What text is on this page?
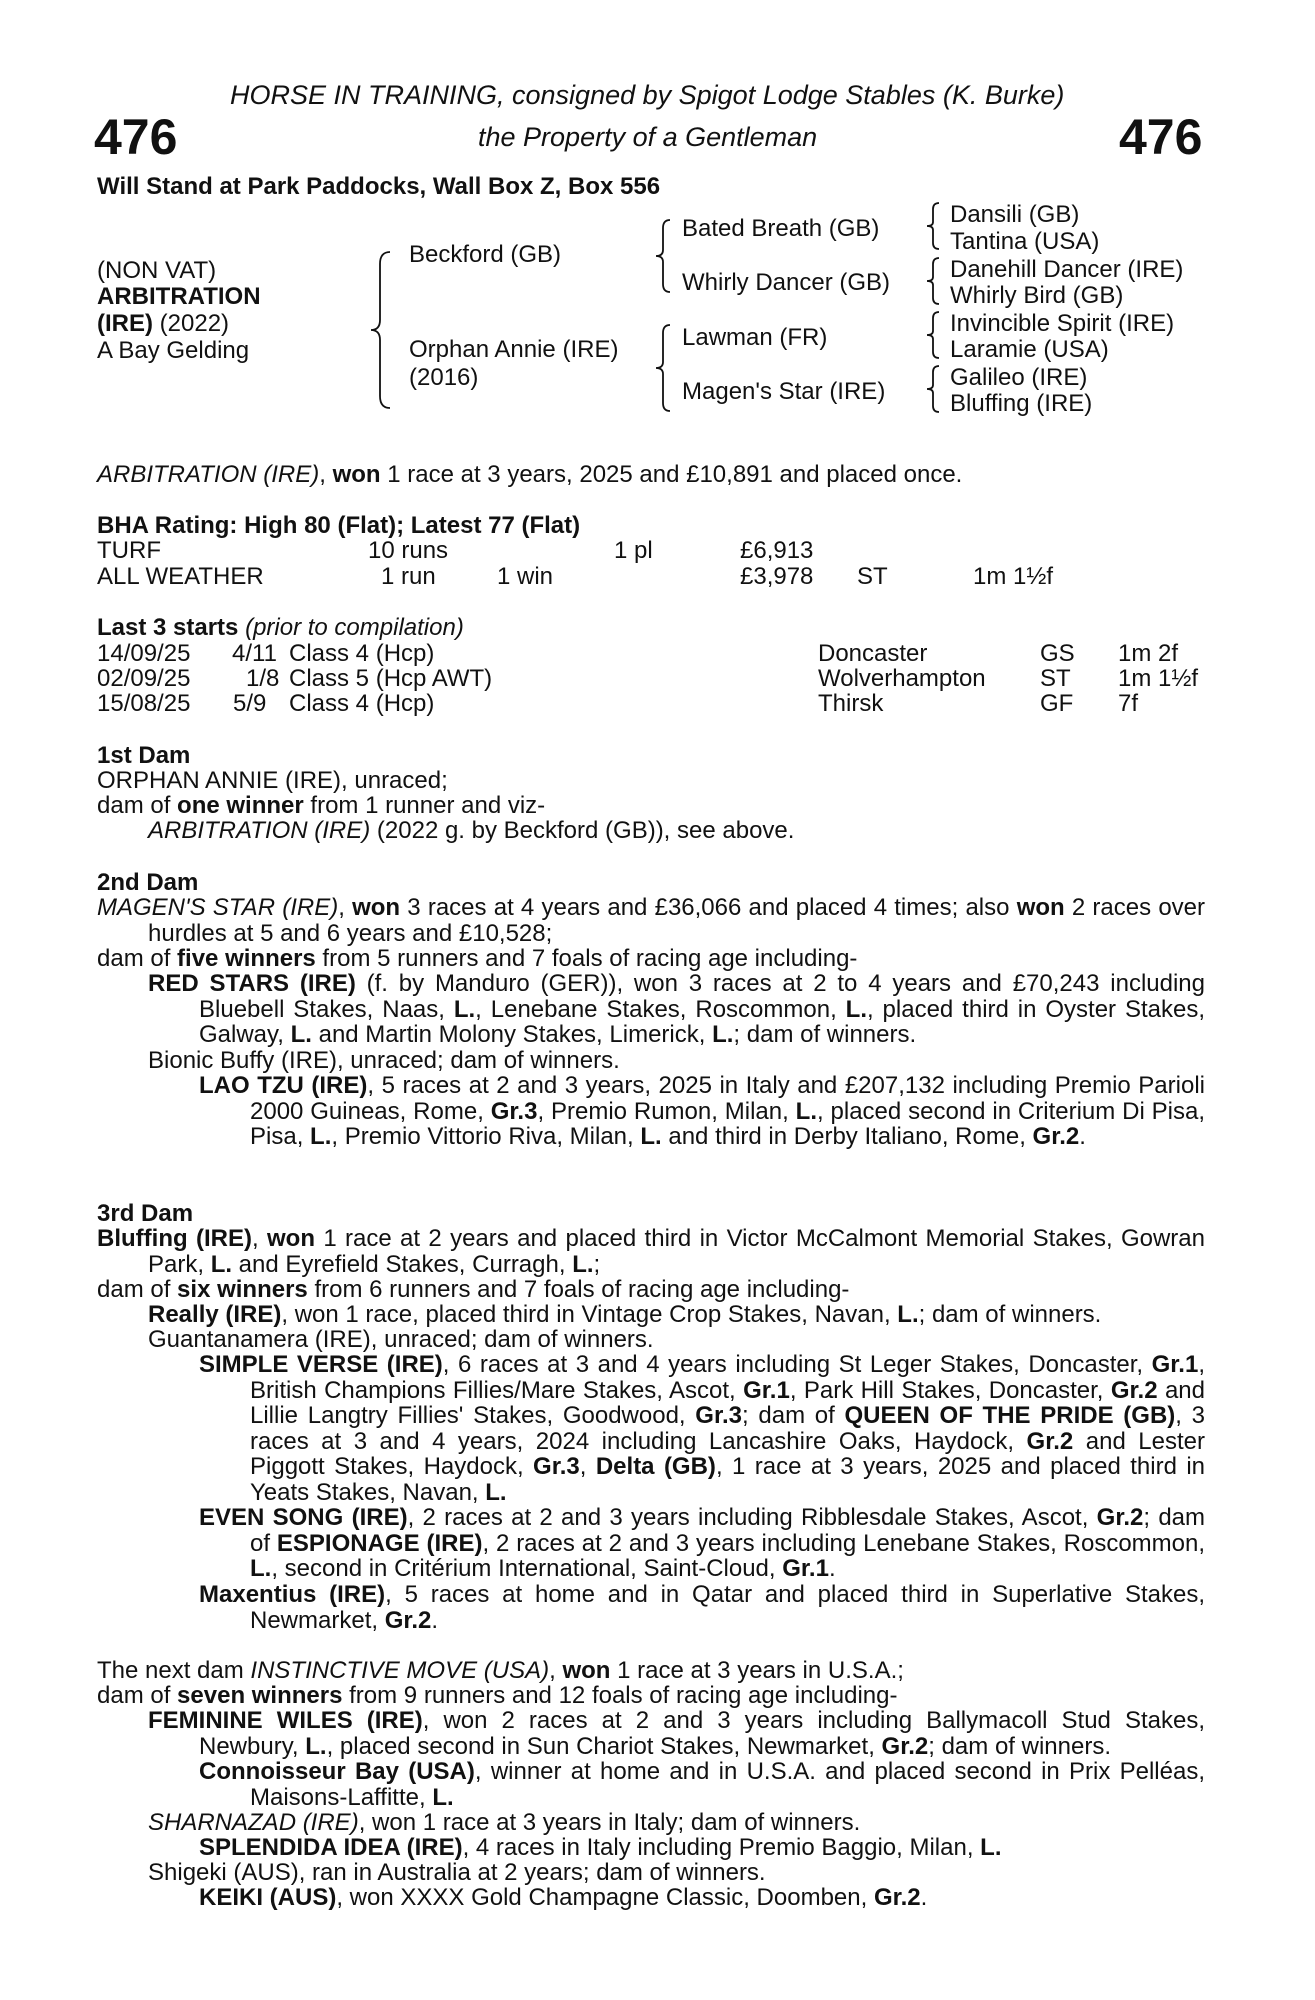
HORSE IN TRAINING, consigned by Spigot Lodge Stables (K. Burke)
the Property of a Gentleman
476	476
Will Stand at Park Paddocks, Wall Box Z, Box 556
(NON VAT)
ARBITRATION
(IRE) (2022)
A Bay Gelding
Beckford (GB)
Orphan Annie (IRE)
(2016)
Bated Breath (GB)
Whirly Dancer (GB)
Lawman (FR)
Magen's Star (IRE)
Dansili (GB)
Tantina (USA)
Danehill Dancer (IRE)
Whirly Bird (GB)
Invincible Spirit (IRE)
Laramie (USA)
Galileo (IRE)
Bluffing (IRE)
ARBITRATION (IRE), won 1 race at 3 years, 2025 and £10,891 and placed once.
BHA Rating: High 80 (Flat); Latest 77 (Flat)
TURF	10 runs	1 pl	£6,913
ALL WEATHER	1 run	1 win	£3,978 ST	1m 1½f
Last 3 starts (prior to compilation)
14/09/25 4/11 Class 4 (Hcp)	Doncaster	GS 1m 2f
02/09/25 1/8 Class 5 (Hcp AWT)	Wolverhampton ST 1m 1½f
15/08/25 5/9 Class 4 (Hcp)	Thirsk	GF 7f
1st Dam
ORPHAN ANNIE (IRE), unraced;
dam of one winner from 1 runner and viz-
ARBITRATION (IRE) (2022 g. by Beckford (GB)), see above.
2nd Dam
MAGEN'S STAR (IRE), won 3 races at 4 years and £36,066 and placed 4 times; also won 2 races over hurdles at 5 and 6 years and £10,528;
dam of five winners from 5 runners and 7 foals of racing age including-
RED STARS (IRE) (f. by Manduro (GER)), won 3 races at 2 to 4 years and £70,243 including Bluebell Stakes, Naas, L., Lenebane Stakes, Roscommon, L., placed third in Oyster Stakes, Galway, L. and Martin Molony Stakes, Limerick, L.; dam of winners.
Bionic Buffy (IRE), unraced; dam of winners.
LAO TZU (IRE), 5 races at 2 and 3 years, 2025 in Italy and £207,132 including Premio Parioli 2000 Guineas, Rome, Gr.3, Premio Rumon, Milan, L., placed second in Criterium Di Pisa, Pisa, L., Premio Vittorio Riva, Milan, L. and third in Derby Italiano, Rome, Gr.2.
3rd Dam
Bluffing (IRE), won 1 race at 2 years and placed third in Victor McCalmont Memorial Stakes, Gowran Park, L. and Eyrefield Stakes, Curragh, L.;
dam of six winners from 6 runners and 7 foals of racing age including-
Really (IRE), won 1 race, placed third in Vintage Crop Stakes, Navan, L.; dam of winners.
Guantanamera (IRE), unraced; dam of winners.
SIMPLE VERSE (IRE), 6 races at 3 and 4 years including St Leger Stakes, Doncaster, Gr.1, British Champions Fillies/Mare Stakes, Ascot, Gr.1, Park Hill Stakes, Doncaster, Gr.2 and Lillie Langtry Fillies' Stakes, Goodwood, Gr.3; dam of QUEEN OF THE PRIDE (GB), 3 races at 3 and 4 years, 2024 including Lancashire Oaks, Haydock, Gr.2 and Lester Piggott Stakes, Haydock, Gr.3, Delta (GB), 1 race at 3 years, 2025 and placed third in Yeats Stakes, Navan, L.
EVEN SONG (IRE), 2 races at 2 and 3 years including Ribblesdale Stakes, Ascot, Gr.2; dam of ESPIONAGE (IRE), 2 races at 2 and 3 years including Lenebane Stakes, Roscommon, L., second in Critérium International, Saint-Cloud, Gr.1.
Maxentius (IRE), 5 races at home and in Qatar and placed third in Superlative Stakes, Newmarket, Gr.2.
The next dam INSTINCTIVE MOVE (USA), won 1 race at 3 years in U.S.A.;
dam of seven winners from 9 runners and 12 foals of racing age including-
FEMININE WILES (IRE), won 2 races at 2 and 3 years including Ballymacoll Stud Stakes, Newbury, L., placed second in Sun Chariot Stakes, Newmarket, Gr.2; dam of winners.
Connoisseur Bay (USA), winner at home and in U.S.A. and placed second in Prix Pelléas, Maisons-Laffitte, L.
SHARNAZAD (IRE), won 1 race at 3 years in Italy; dam of winners.
SPLENDIDA IDEA (IRE), 4 races in Italy including Premio Baggio, Milan, L.
Shigeki (AUS), ran in Australia at 2 years; dam of winners.
KEIKI (AUS), won XXXX Gold Champagne Classic, Doomben, Gr.2.
